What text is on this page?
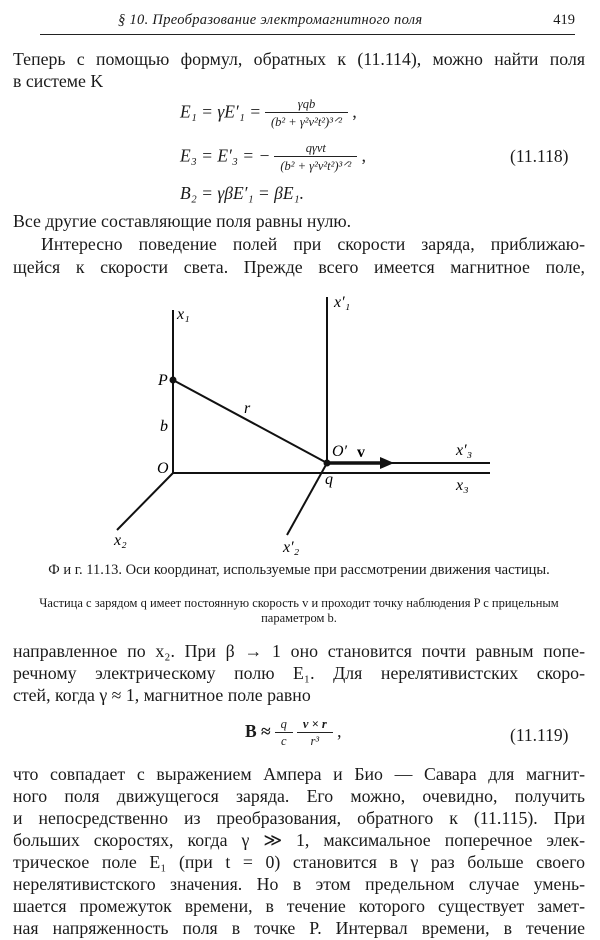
§ 10. Преобразование электромагнитного поля	419
Теперь с помощью формул, обратных к (11.114), можно найти поля
в системе K
$E_1 = \gamma E'_1 = \frac{\text{γqb}}{\text{(b² + γ²v²t²)³ᐟ²}}$ ,
E₃ = E′₃ = − $\frac{\text{qγvt}}{\text{(b² + γ²v²t²)³ᐟ²}}$ ,	(11.118)
B₂ = γβE′₁ = βE₁.
Все другие составляющие поля равны нулю.
Интересно поведение полей при скорости заряда, приближаю-
щейся к скорости света. Прежде всего имеется магнитное поле,
x₁
x′₁
P
r
b
O
O′ v	x′₃
x₃
q
x₂	x′₂
Ф и г. 11.13. Оси координат, используемые при рассмотрении движения частицы.
Частица с зарядом q имеет постоянную скорость v и проходит точку наблюдения P с прицельным параметром b.
направленное по x₂. При β → 1 оно становится почти равным попе-
речному электрическому полю E₁. Для нерелятивистских скоро-
стей, когда γ ≈ 1, магнитное поле равно
$B \approx \frac{q}{c} \frac{v \times r}{\text{r³}}$ ,	(11.119)
что совпадает с выражением Ампера и Био — Савара для магнит-
ного поля движущегося заряда. Его можно, очевидно, получить
и непосредственно из преобразования, обратного к (11.115). При
больших скоростях, когда γ ≫ 1, максимальное поперечное элек-
трическое поле E₁ (при t = 0) становится в γ раз больше своего
нерелятивистского значения. Но в этом предельном случае умень-
шается промежуток времени, в течение которого существует замет-
ная напряженность поля в точке P. Интервал времени, в течение
